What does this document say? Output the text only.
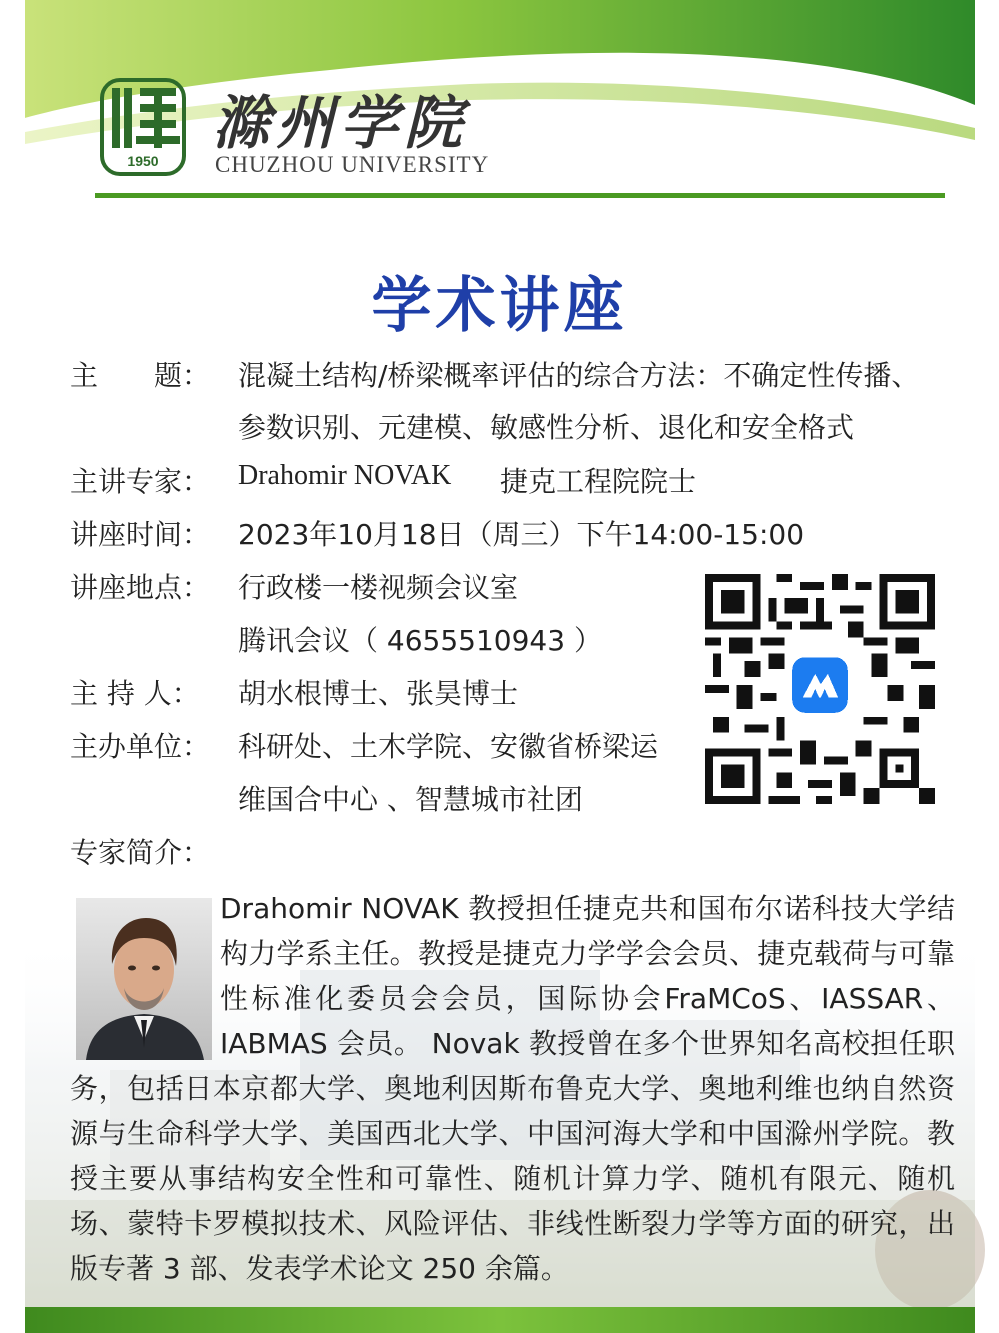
1950
滁州学院
CHUZHOU UNIVERSITY
学术讲座
主　　题： 混凝土结构/桥梁概率评估的综合方法：不确定性传播、
参数识别、元建模、敏感性分析、退化和安全格式
主讲专家： Drahomir NOVAK 捷克工程院院士
讲座时间： 2023年10月18日（周三）下午14:00-15:00
讲座地点： 行政楼一楼视频会议室
腾讯会议（ 4655510943 ）
主 持 人： 胡水根博士、张昊博士
主办单位： 科研处、土木学院、安徽省桥梁运
维国合中心 、智慧城市社团
专家简介：
Drahomir NOVAK 教授担任捷克共和国布尔诺科技大学结构力学系主任。教授是捷克力学学会会员、捷克载荷与可靠性标准化委员会会员，国际协会FraMCoS、IASSAR、IABMAS 会员。 Novak 教授曾在多个世界知名高校担任职务，包括日本京都大学、奥地利因斯布鲁克大学、奥地利维也纳自然资源与生命科学大学、美国西北大学、中国河海大学和中国滁州学院。教授主要从事结构安全性和可靠性、随机计算力学、随机有限元、随机场、蒙特卡罗模拟技术、风险评估、非线性断裂力学等方面的研究，出版专著 3 部、发表学术论文 250 余篇。
